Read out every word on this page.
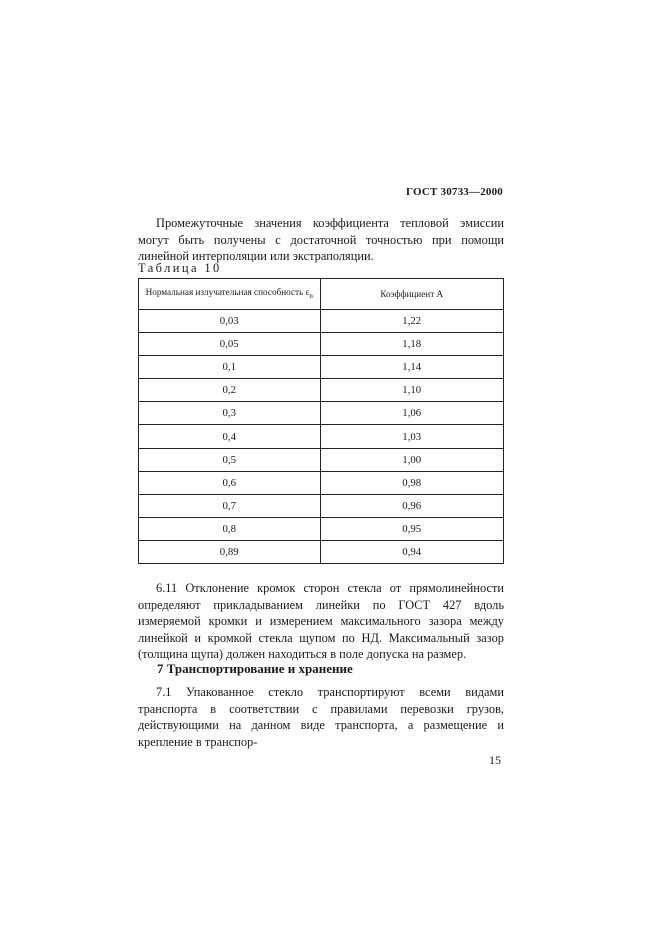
ГОСТ 30733—2000

Промежуточные значения коэффициента тепловой эмиссии могут быть получены с достаточной точностью при помощи линейной интерполяции или экстраполяции.

Таблица 10
Нормальная излучательная способность $\varepsilon_n$	Коэффициент A
0,03	1,22
0,05	1,18
0,1	1,14
0,2	1,10
0,3	1,06
0,4	1,03
0,5	1,00
0,6	0,98
0,7	0,96
0,8	0,95
0,89	0,94

6.11 Отклонение кромок сторон стекла от прямолинейности определяют прикладыванием линейки по ГОСТ 427 вдоль измеряемой кромки и измерением максимального зазора между линейкой и кромкой стекла щупом по НД. Максимальный зазор (толщина щупа) должен находиться в поле допуска на размер.

7 Транспортирование и хранение

7.1 Упакованное стекло транспортируют всеми видами транспорта в соответствии с правилами перевозки грузов, действующими на данном виде транспорта, а размещение и крепление в транспор-

15
